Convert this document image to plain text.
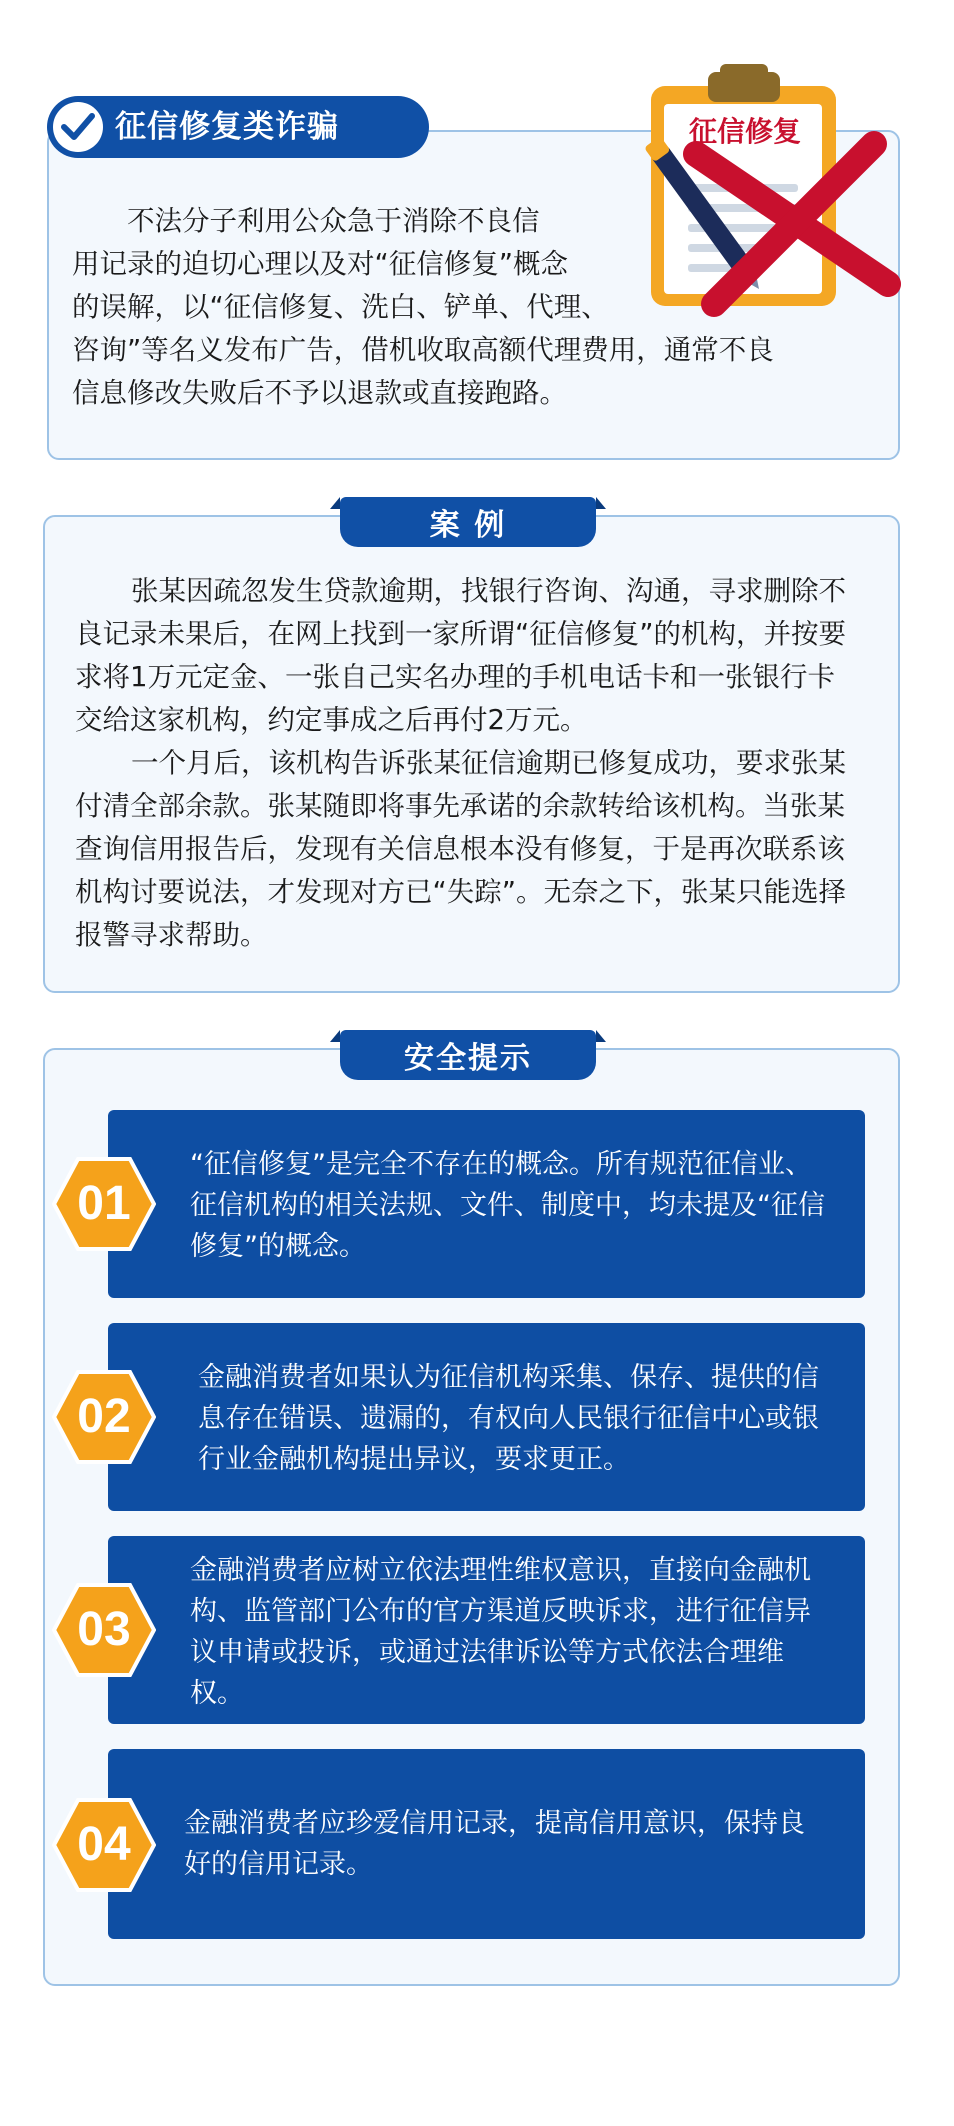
征信修复类诈骗
　　不法分子利用公众急于消除不良信
用记录的迫切心理以及对“征信修复”概念
的误解，以“征信修复、洗白、铲单、代理、
咨询”等名义发布广告，借机收取高额代理费用，通常不良
信息修改失败后不予以退款或直接跑路。
征信修复
案 例
张某因疏忽发生贷款逾期，找银行咨询、沟通，寻求删除不良记录未果后，在网上找到一家所谓“征信修复”的机构，并按要求将1万元定金、一张自己实名办理的手机电话卡和一张银行卡交给这家机构，约定事成之后再付2万元。
一个月后，该机构告诉张某征信逾期已修复成功，要求张某付清全部余款。张某随即将事先承诺的余款转给该机构。当张某查询信用报告后，发现有关信息根本没有修复，于是再次联系该机构讨要说法，才发现对方已“失踪”。无奈之下，张某只能选择报警寻求帮助。
安全提示
“征信修复”是完全不存在的概念。所有规范征信业、征信机构的相关法规、文件、制度中，均未提及“征信修复”的概念。
01
金融消费者如果认为征信机构采集、保存、提供的信息存在错误、遗漏的，有权向人民银行征信中心或银行业金融机构提出异议，要求更正。
02
金融消费者应树立依法理性维权意识，直接向金融机构、监管部门公布的官方渠道反映诉求，进行征信异议申请或投诉，或通过法律诉讼等方式依法合理维权。
03
金融消费者应珍爱信用记录，提高信用意识，保持良好的信用记录。
04
